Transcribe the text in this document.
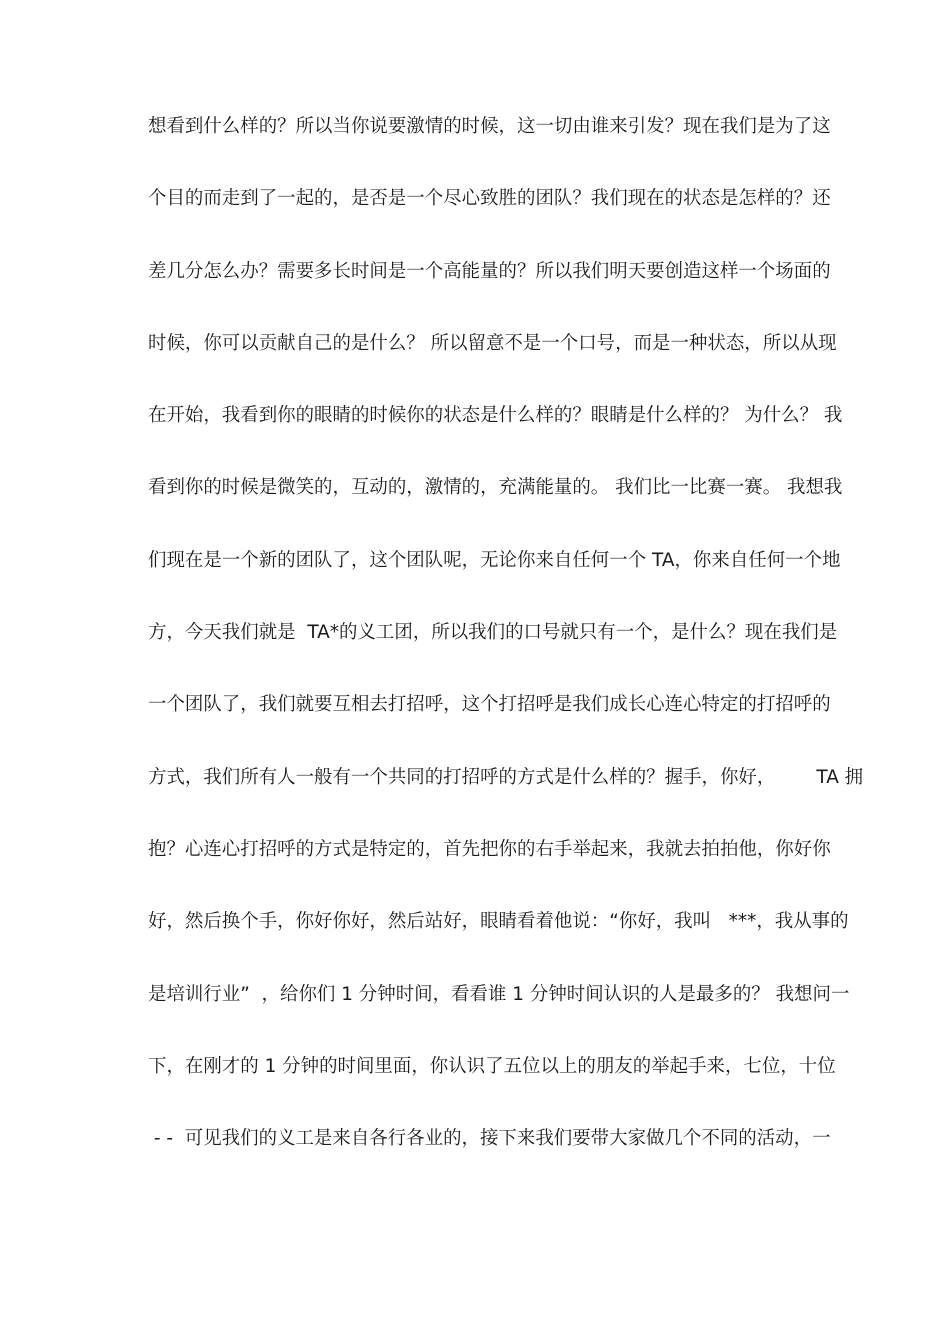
想看到什么样的？所以当你说要激情的时候，这一切由谁来引发？现在我们是为了这
个目的而走到了一起的，是否是一个尽心致胜的团队？我们现在的状态是怎样的？还
差几分怎么办？需要多长时间是一个高能量的？所以我们明天要创造这样一个场面的
时候，你可以贡献自己的是什么？ 所以留意不是一个口号，而是一种状态，所以从现
在开始，我看到你的眼睛的时候你的状态是什么样的？眼睛是什么样的？ 为什么？ 我
看到你的时候是微笑的，互动的，激情的，充满能量的。 我们比一比赛一赛。 我想我
们现在是一个新的团队了，这个团队呢，无论你来自任何一个 TA，你来自任何一个地
方，今天我们就是  TA*的义工团，所以我们的口号就只有一个，是什么？现在我们是
一个团队了，我们就要互相去打招呼，这个打招呼是我们成长心连心特定的打招呼的
方式，我们所有人一般有一个共同的打招呼的方式是什么样的？握手，你好，       TA 拥
抱？心连心打招呼的方式是特定的，首先把你的右手举起来，我就去拍拍他，你好你
好，然后换个手，你好你好，然后站好，眼睛看着他说：“你好，我叫   ***，我从事的
是培训行业”  ，给你们 1 分钟时间，看看谁 1 分钟时间认识的人是最多的？ 我想问一
下，在刚才的 1 分钟的时间里面，你认识了五位以上的朋友的举起手来，七位，十位
- -  可见我们的义工是来自各行各业的，接下来我们要带大家做几个不同的活动，一
